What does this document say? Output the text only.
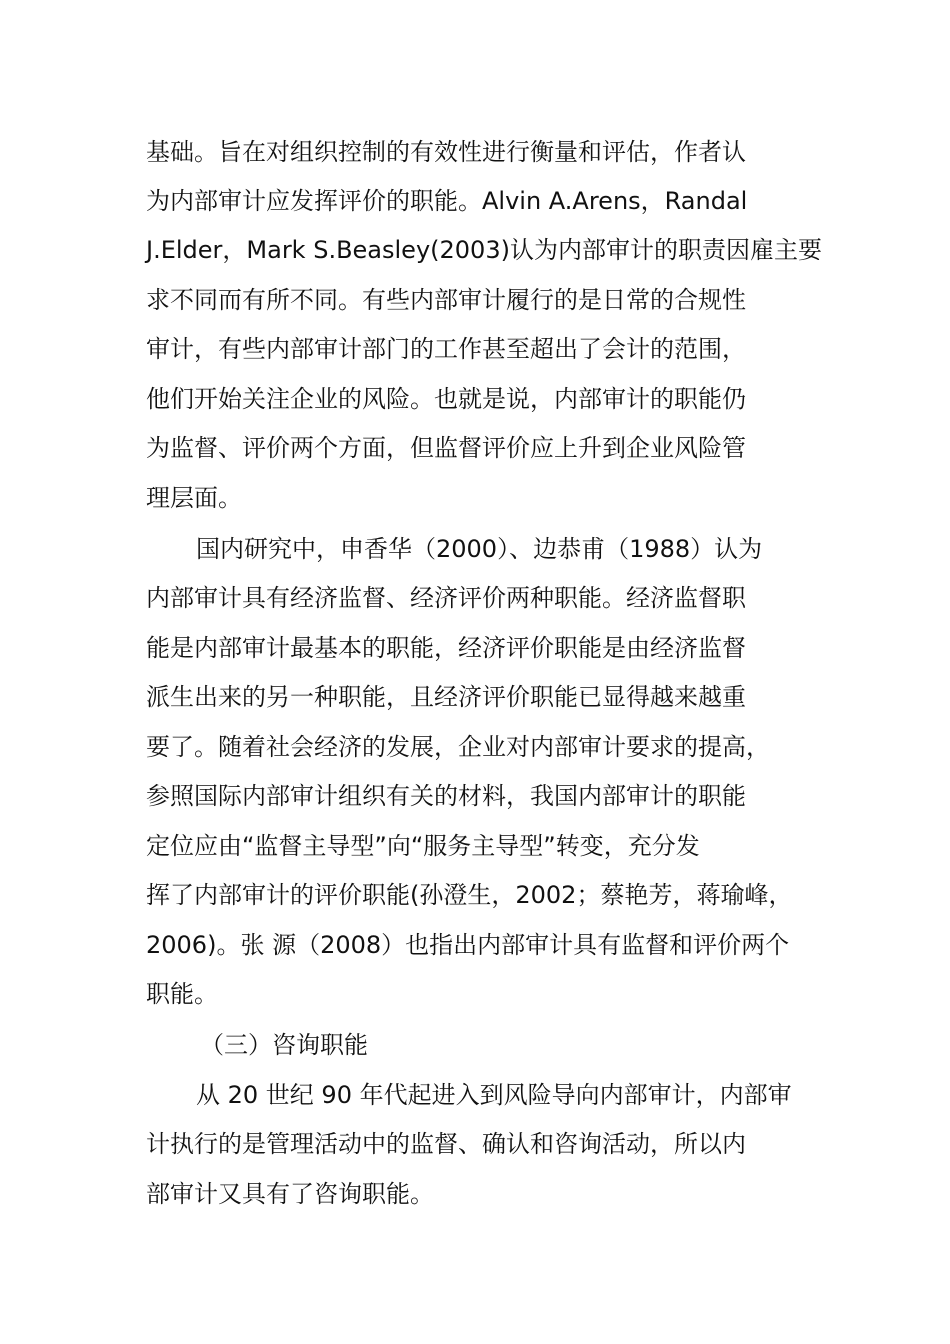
基础。旨在对组织控制的有效性进行衡量和评估，作者认
为内部审计应发挥评价的职能。Alvin A.Arens，Randal
J.Elder，Mark S.Beasley(2003)认为内部审计的职责因雇主要
求不同而有所不同。有些内部审计履行的是日常的合规性
审计，有些内部审计部门的工作甚至超出了会计的范围，
他们开始关注企业的风险。也就是说，内部审计的职能仍
为监督、评价两个方面，但监督评价应上升到企业风险管
理层面。
国内研究中，申香华（2000）、边恭甫（1988）认为
内部审计具有经济监督、经济评价两种职能。经济监督职
能是内部审计最基本的职能，经济评价职能是由经济监督
派生出来的另一种职能，且经济评价职能已显得越来越重
要了。随着社会经济的发展，企业对内部审计要求的提高，
参照国际内部审计组织有关的材料，我国内部审计的职能
定位应由“监督主导型”向“服务主导型”转变，充分发
挥了内部审计的评价职能(孙澄生，2002；蔡艳芳，蒋瑜峰，
2006)。张 源（2008）也指出内部审计具有监督和评价两个
职能。
（三）咨询职能
从 20 世纪 90 年代起进入到风险导向内部审计，内部审
计执行的是管理活动中的监督、确认和咨询活动，所以内
部审计又具有了咨询职能。
